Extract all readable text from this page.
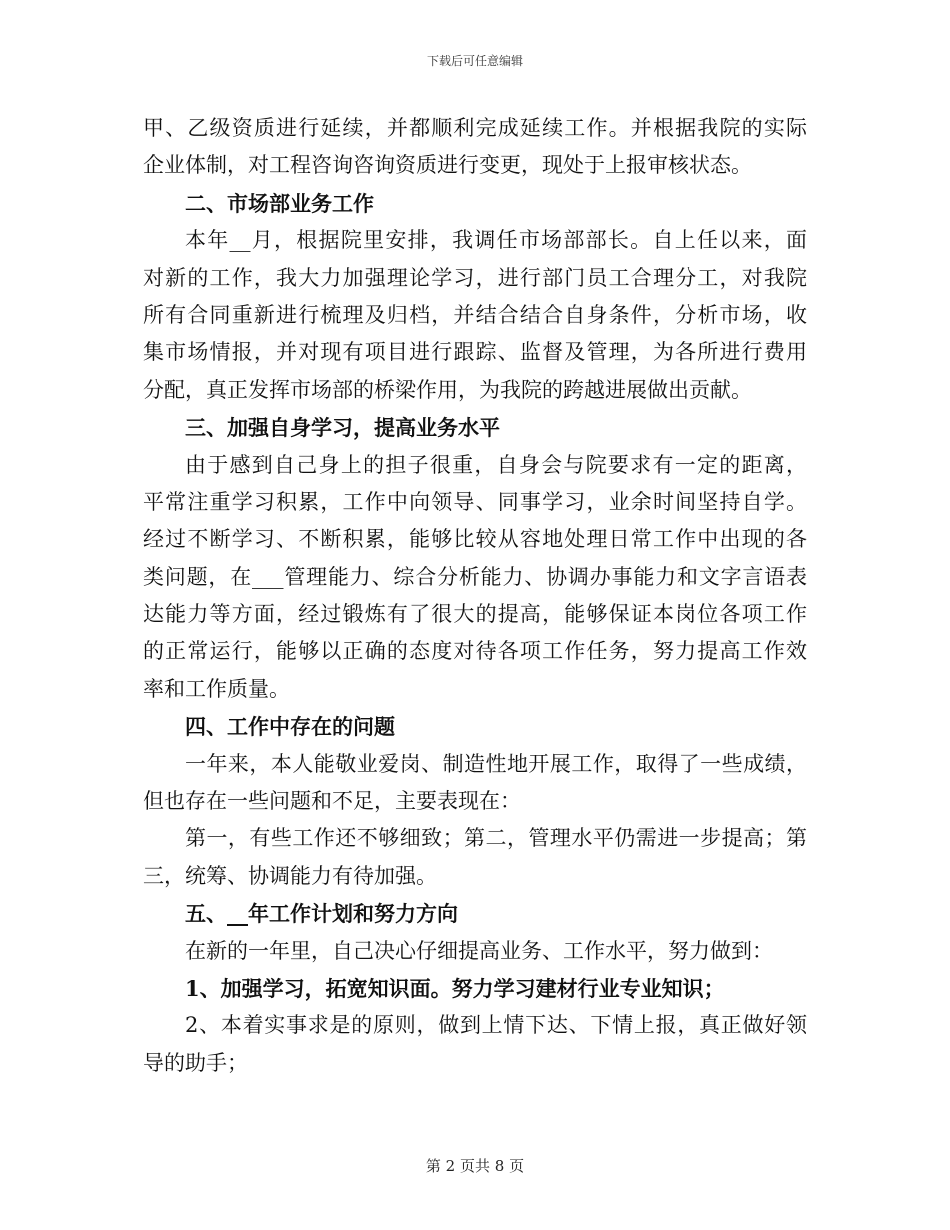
下载后可任意编辑
甲、乙级资质进行延续，并都顺利完成延续工作。并根据我院的实际
企业体制，对工程咨询咨询资质进行变更，现处于上报审核状态。
二、市场部业务工作
本年__月，根据院里安排，我调任市场部部长。自上任以来，面
对新的工作，我大力加强理论学习，进行部门员工合理分工，对我院
所有合同重新进行梳理及归档，并结合结合自身条件，分析市场，收
集市场情报，并对现有项目进行跟踪、监督及管理，为各所进行费用
分配，真正发挥市场部的桥梁作用，为我院的跨越进展做出贡献。
三、加强自身学习，提高业务水平
由于感到自己身上的担子很重，自身会与院要求有一定的距离，
平常注重学习积累，工作中向领导、同事学习，业余时间坚持自学。
经过不断学习、不断积累，能够比较从容地处理日常工作中出现的各
类问题，在___管理能力、综合分析能力、协调办事能力和文字言语表
达能力等方面，经过锻炼有了很大的提高，能够保证本岗位各项工作
的正常运行，能够以正确的态度对待各项工作任务，努力提高工作效
率和工作质量。
四、工作中存在的问题
一年来，本人能敬业爱岗、制造性地开展工作，取得了一些成绩，
但也存在一些问题和不足，主要表现在：
第一，有些工作还不够细致；第二，管理水平仍需进一步提高；第
三，统筹、协调能力有待加强。
五、__年工作计划和努力方向
在新的一年里，自己决心仔细提高业务、工作水平，努力做到：
1、加强学习，拓宽知识面。努力学习建材行业专业知识；
2、本着实事求是的原则，做到上情下达、下情上报，真正做好领
导的助手；
第 2 页共 8 页
